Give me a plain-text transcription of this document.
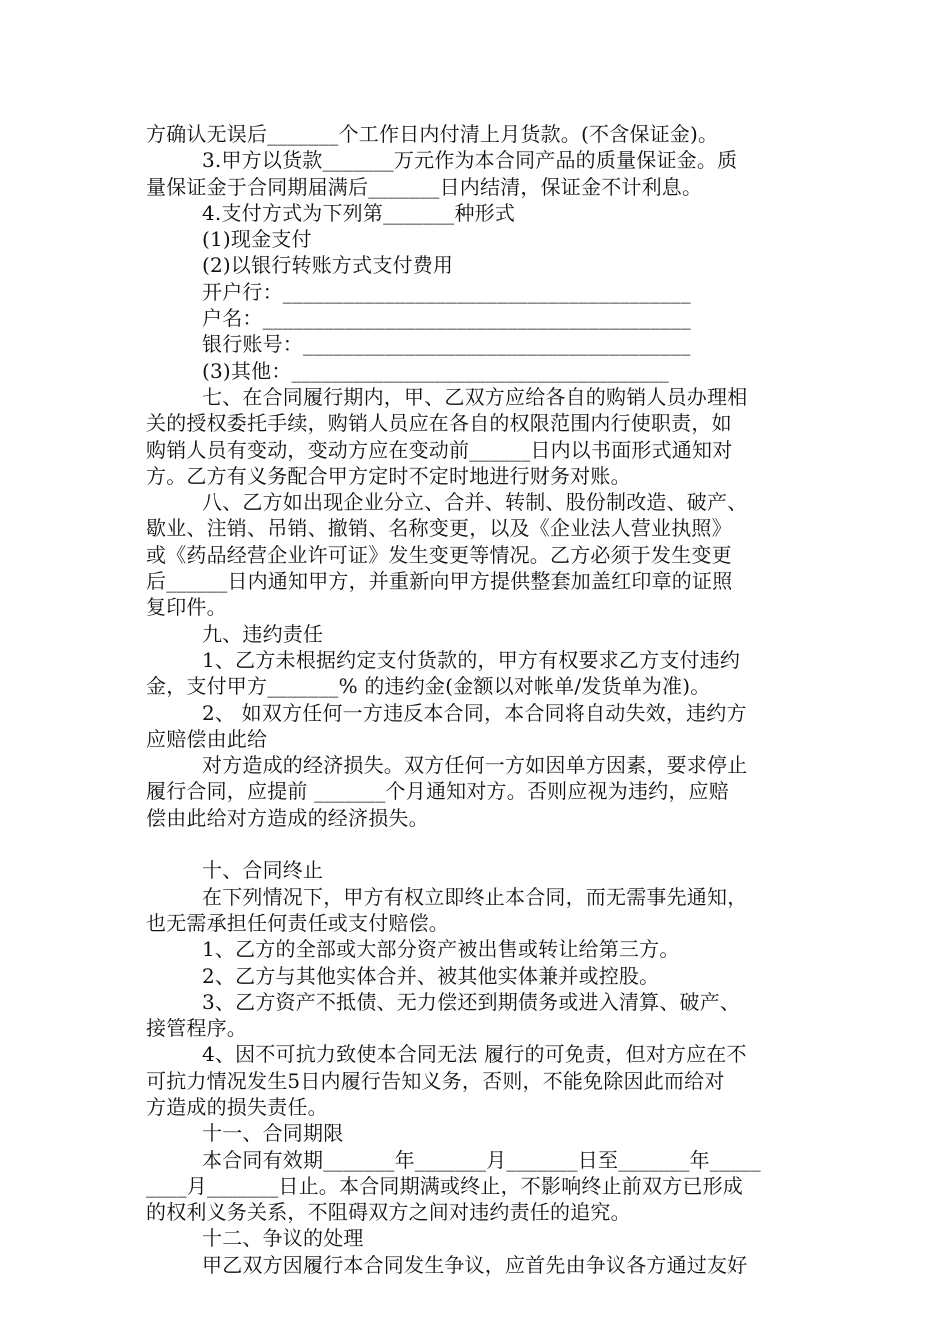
方确认无误后_______个工作日内付清上月货款。(不含保证金)。
3.甲方以货款_______万元作为本合同产品的质量保证金。质
量保证金于合同期届满后_______日内结清，保证金不计利息。
4.支付方式为下列第_______种形式
(1)现金支付
(2)以银行转账方式支付费用
开户行：________________________________________
户名：__________________________________________
银行账号：______________________________________
(3)其他：_____________________________________
七、在合同履行期内，甲、乙双方应给各自的购销人员办理相
关的授权委托手续，购销人员应在各自的权限范围内行使职责，如
购销人员有变动，变动方应在变动前______日内以书面形式通知对
方。乙方有义务配合甲方定时不定时地进行财务对账。
八、乙方如出现企业分立、合并、转制、股份制改造、破产、
歇业、注销、吊销、撤销、名称变更，以及《企业法人营业执照》
或《药品经营企业许可证》发生变更等情况。乙方必须于发生变更
后______日内通知甲方，并重新向甲方提供整套加盖红印章的证照
复印件。
九、违约责任
1、乙方未根据约定支付货款的，甲方有权要求乙方支付违约
金，支付甲方_______% 的违约金(金额以对帐单/发货单为准)。
2、 如双方任何一方违反本合同，本合同将自动失效，违约方
应赔偿由此给
对方造成的经济损失。双方任何一方如因单方因素，要求停止
履行合同，应提前 _______个月通知对方。否则应视为违约，应赔
偿由此给对方造成的经济损失。
十、合同终止
在下列情况下，甲方有权立即终止本合同，而无需事先通知，
也无需承担任何责任或支付赔偿。
1、乙方的全部或大部分资产被出售或转让给第三方。
2、乙方与其他实体合并、被其他实体兼并或控股。
3、乙方资产不抵债、无力偿还到期债务或进入清算、破产、
接管程序。
4、因不可抗力致使本合同无法 履行的可免责，但对方应在不
可抗力情况发生5日内履行告知义务，否则，不能免除因此而给对
方造成的损失责任。
十一、合同期限
本合同有效期_______年_______月_______日至_______年_____
____月_______日止。本合同期满或终止，不影响终止前双方已形成
的权利义务关系，不阻碍双方之间对违约责任的追究。
十二、争议的处理
甲乙双方因履行本合同发生争议，应首先由争议各方通过友好
